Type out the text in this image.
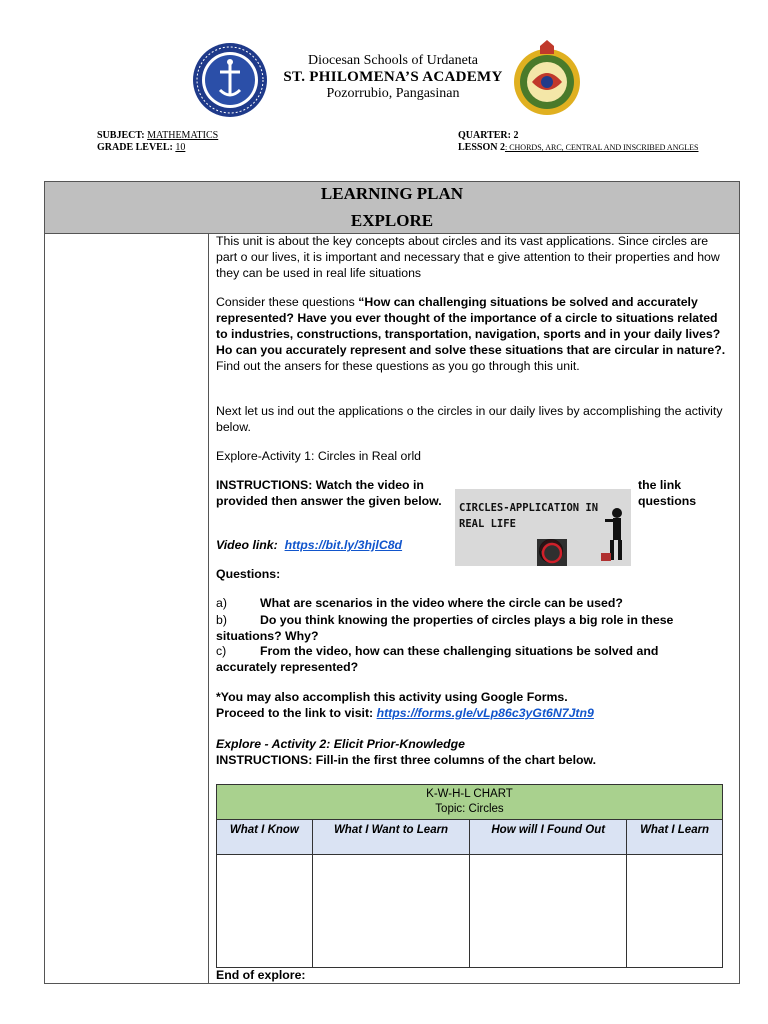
Diocesan Schools of Urdaneta
ST. PHILOMENA’S ACADEMY
Pozorrubio, Pangasinan
SUBJECT: MATHEMATICS
GRADE LEVEL: 10
QUARTER: 2
LESSON 2: CHORDS, ARC, CENTRAL AND INSCRIBED ANGLES
LEARNING PLAN
EXPLORE
This unit is about the key concepts about circles and its vast applications. Since circles are part o our lives, it is important and necessary that e give attention to their properties and how they can be used in real life situations
Consider these questions “How can challenging situations be solved and accurately represented? Have you ever thought of the importance of a circle to situations related to industries, constructions, transportation, navigation, sports and in your daily lives? Ho can you accurately represent and solve these situations that are circular in nature?. Find out the ansers for these questions as you go through this unit.
Next let us ind out the applications o the circles in our daily lives by accomplishing the activity below.
Explore-Activity 1: Circles in Real orld
INSTRUCTIONS: Watch the video in provided then answer the given below.
the link questions
CIRCLES-APPLICATION IN REAL LIFE
Video link: https://bit.ly/3hjlC8d
Questions:
a)	What are scenarios in the video where the circle can be used?
b)	Do you think knowing the properties of circles plays a big role in these situations? Why?
c)	From the video, how can these challenging situations be solved and accurately represented?
*You may also accomplish this activity using Google Forms.
Proceed to the link to visit: https://forms.gle/vLp86c3yGt6N7Jtn9
Explore - Activity 2: Elicit Prior-Knowledge
INSTRUCTIONS: Fill-in the first three columns of the chart below.
K-W-H-L CHART
Topic: Circles			

What I Know	What I Want to Learn	How will I Found Out	What I Learn

End of explore:
